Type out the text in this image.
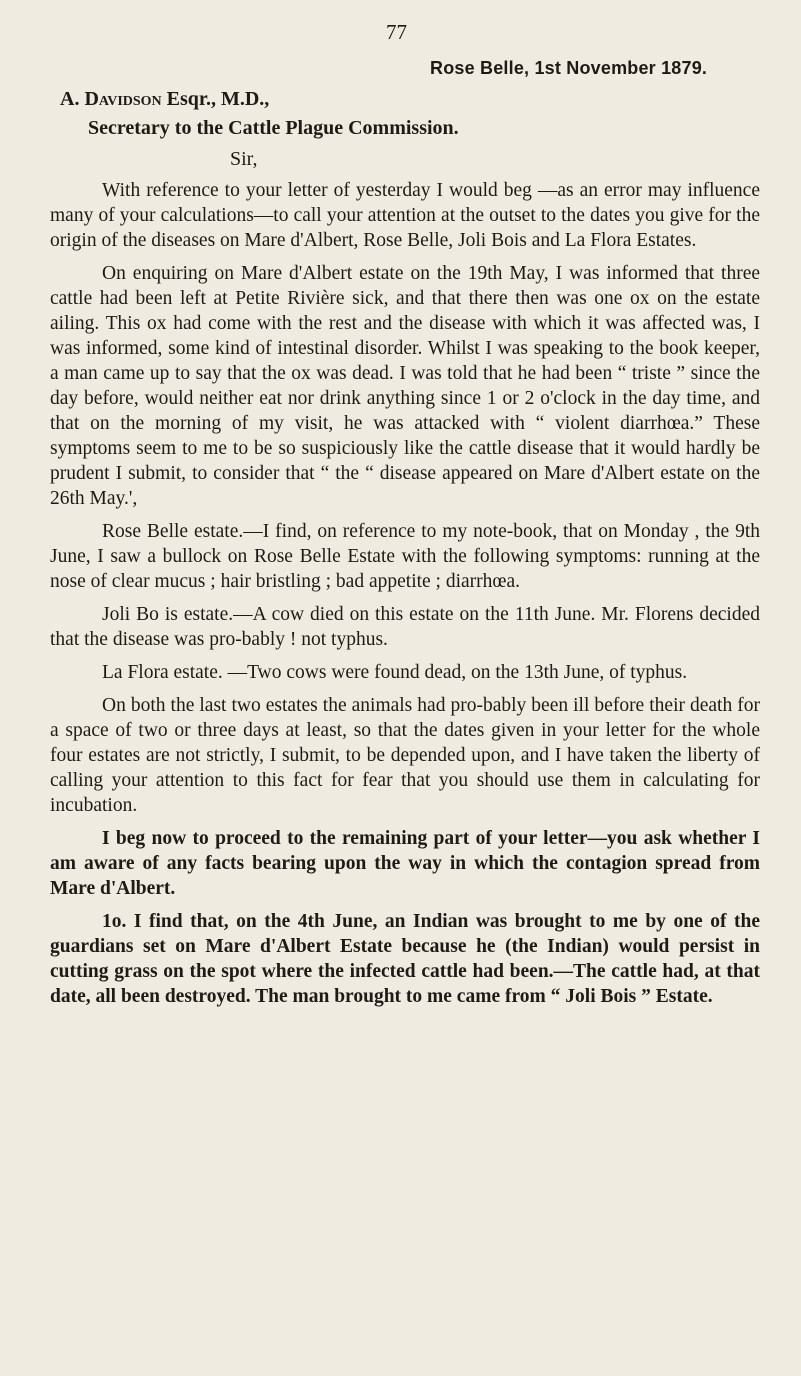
77
Rose Belle, 1st November 1879.
A. Davidson Esqr., M.D.,
Secretary to the Cattle Plague Commission.
Sir,

With reference to your letter of yesterday I would beg —as an error may influence many of your calculations—to call your attention at the outset to the dates you give for the origin of the diseases on Mare d'Albert, Rose Belle, Joli Bois and La Flora Estates.

On enquiring on Mare d'Albert estate on the 19th May, I was informed that three cattle had been left at Petite Rivière sick, and that there then was one ox on the estate ailing. This ox had come with the rest and the disease with which it was affected was, I was informed, some kind of intestinal disorder. Whilst I was speaking to the book keeper, a man came up to say that the ox was dead. I was told that he had been “ triste ” since the day before, would neither eat nor drink anything since 1 or 2 o'clock in the day time, and that on the morning of my visit, he was attacked with “ violent diarrhœa.” These symptoms seem to me to be so suspiciously like the cattle disease that it would hardly be prudent I submit, to consider that “ the “ disease appeared on Mare d'Albert estate on the 26th May.',

Rose Belle estate.—I find, on reference to my note-book, that on Monday , the 9th June, I saw a bullock on Rose Belle Estate with the following symptoms: running at the nose of clear mucus ; hair bristling ; bad appetite ; diarrhœa.

Joli Bo is estate.—A cow died on this estate on the 11th June. Mr. Florens decided that the disease was pro-bably ! not typhus.

La Flora estate. —Two cows were found dead, on the 13th June, of typhus.

On both the last two estates the animals had pro-bably been ill before their death for a space of two or three days at least, so that the dates given in your letter for the whole four estates are not strictly, I submit, to be depended upon, and I have taken the liberty of calling your attention to this fact for fear that you should use them in calculating for incubation.

I beg now to proceed to the remaining part of your letter—you ask whether I am aware of any facts bearing upon the way in which the contagion spread from Mare d'Albert.

1o. I find that, on the 4th June, an Indian was brought to me by one of the guardians set on Mare d'Albert Estate because he (the Indian) would persist in cutting grass on the spot where the infected cattle had been.—The cattle had, at that date, all been destroyed. The man brought to me came from “ Joli Bois ” Estate.
